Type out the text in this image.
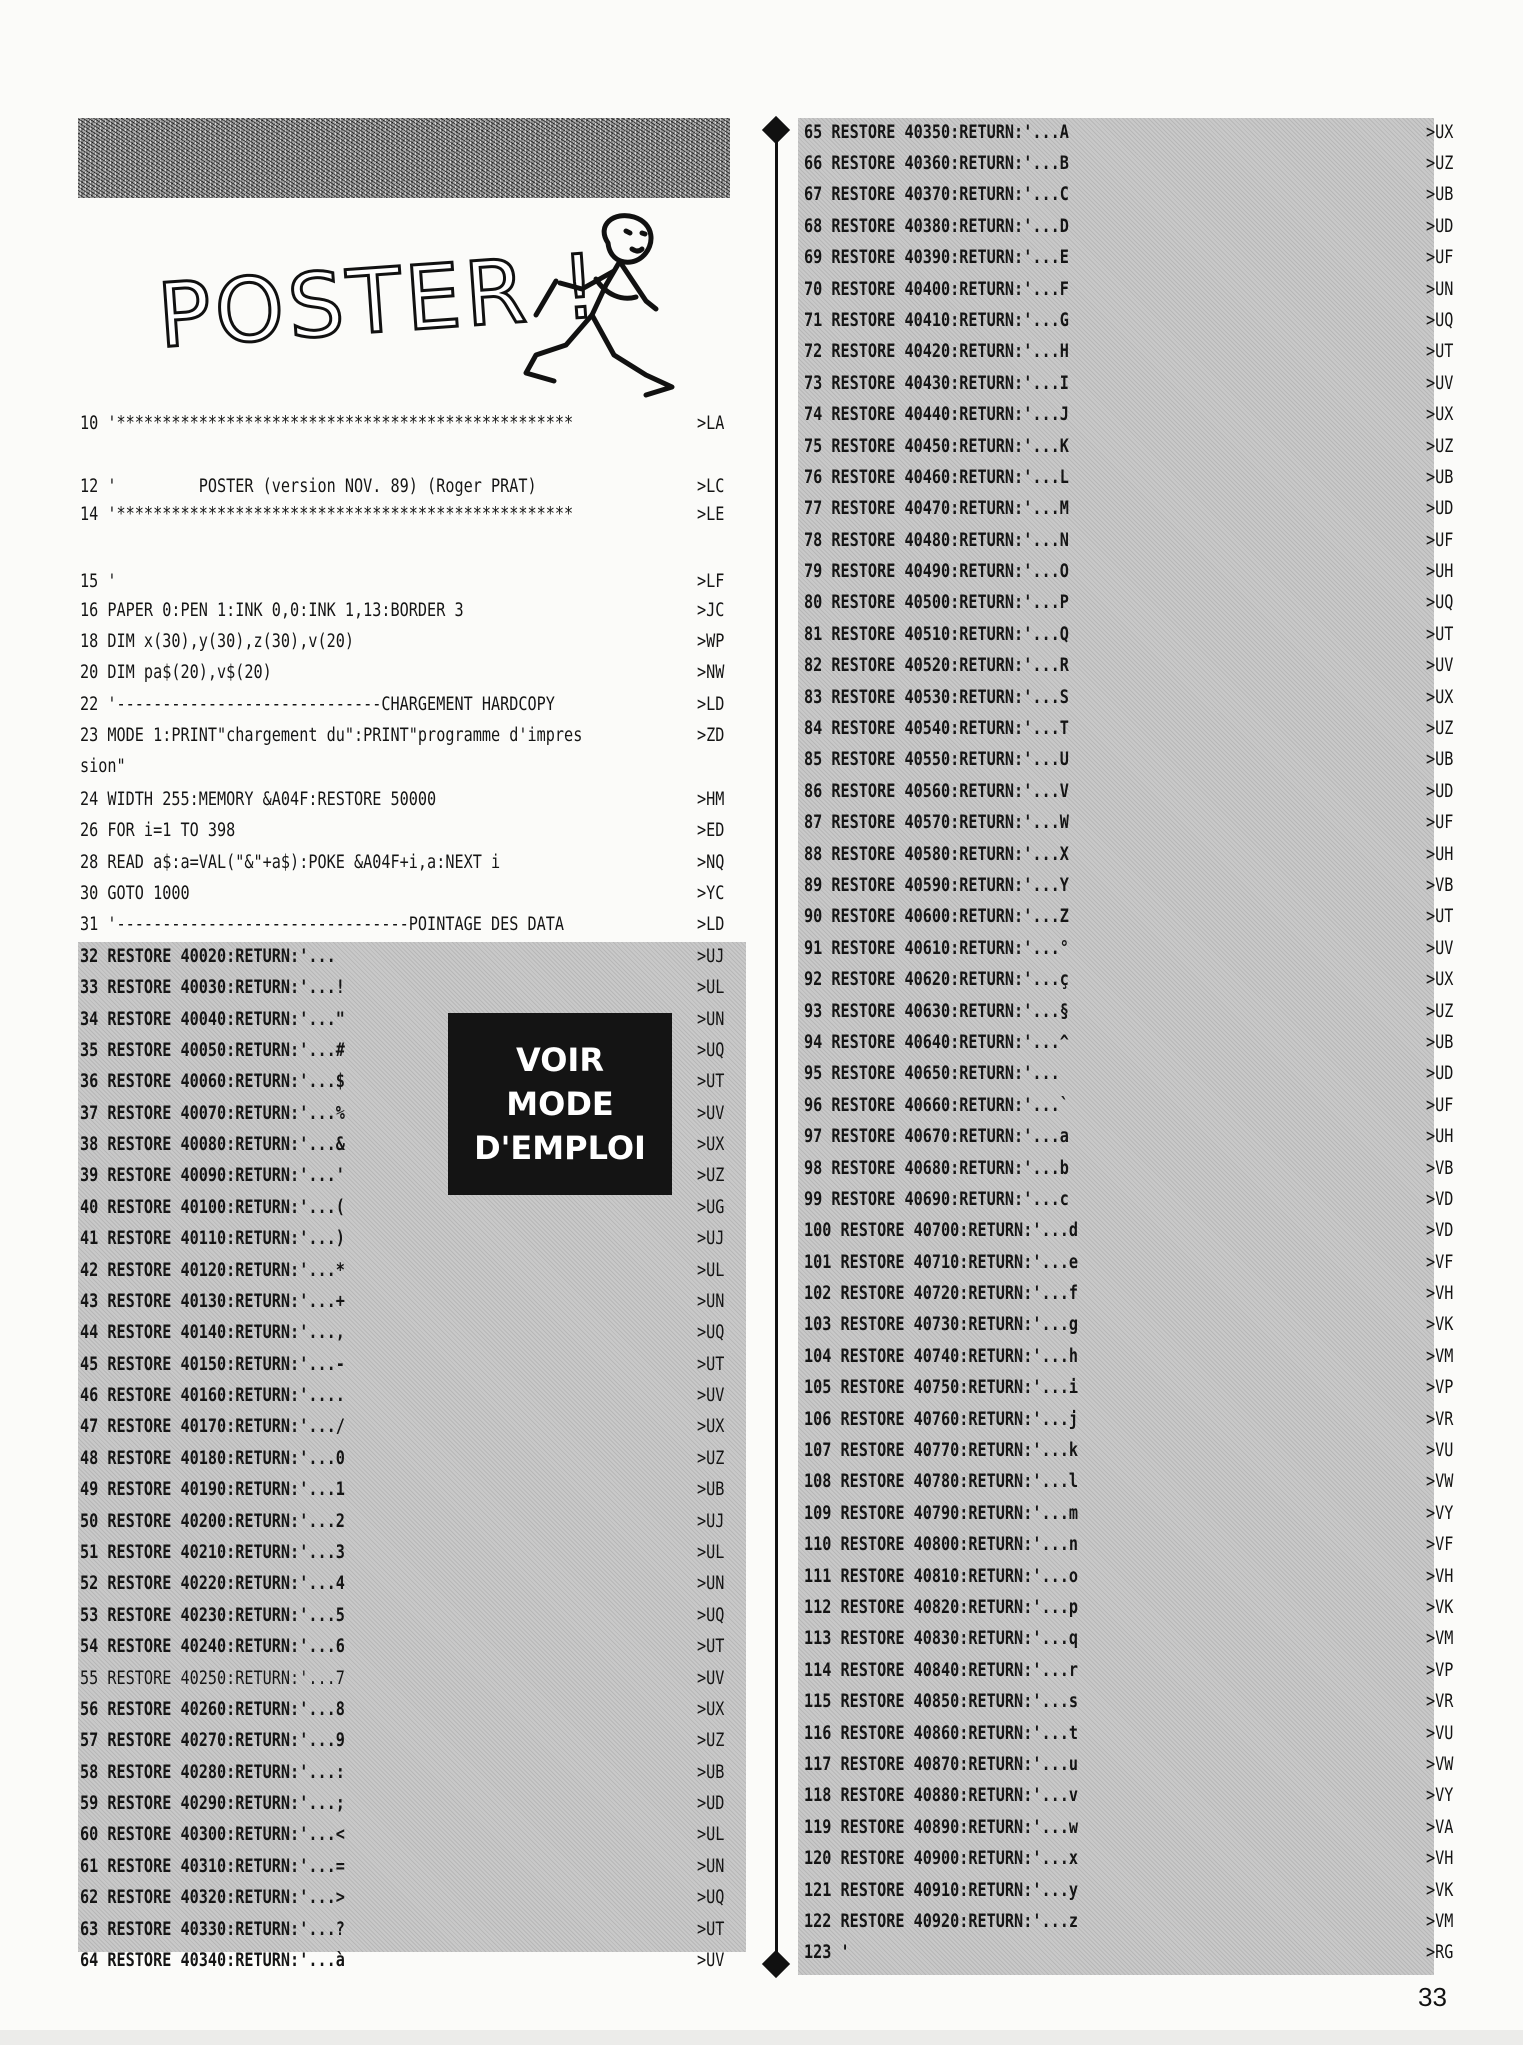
POSTER !
VOIR
MODE
D'EMPLOI
10 '**************************************************	>LA
12 '         POSTER (version NOV. 89) (Roger PRAT)	>LC
14 '**************************************************	>LE
15 '	>LF
16 PAPER 0:PEN 1:INK 0,0:INK 1,13:BORDER 3	>JC
18 DIM x(30),y(30),z(30),v(20)	>WP
20 DIM pa$(20),v$(20)	>NW
22 '-----------------------------CHARGEMENT HARDCOPY	>LD
23 MODE 1:PRINT"chargement du":PRINT"programme d'impres	>ZD
sion"
24 WIDTH 255:MEMORY &A04F:RESTORE 50000	>HM
26 FOR i=1 TO 398	>ED
28 READ a$:a=VAL("&"+a$):POKE &A04F+i,a:NEXT i	>NQ
30 GOTO 1000	>YC
31 '--------------------------------POINTAGE DES DATA	>LD
32 RESTORE 40020:RETURN:'...	>UJ
33 RESTORE 40030:RETURN:'...!	>UL
34 RESTORE 40040:RETURN:'..."	>UN
35 RESTORE 40050:RETURN:'...#	>UQ
36 RESTORE 40060:RETURN:'...$	>UT
37 RESTORE 40070:RETURN:'...%	>UV
38 RESTORE 40080:RETURN:'...&	>UX
39 RESTORE 40090:RETURN:'...'	>UZ
40 RESTORE 40100:RETURN:'...(	>UG
41 RESTORE 40110:RETURN:'...)	>UJ
42 RESTORE 40120:RETURN:'...*	>UL
43 RESTORE 40130:RETURN:'...+	>UN
44 RESTORE 40140:RETURN:'...,	>UQ
45 RESTORE 40150:RETURN:'...-	>UT
46 RESTORE 40160:RETURN:'....	>UV
47 RESTORE 40170:RETURN:'.../	>UX
48 RESTORE 40180:RETURN:'...0	>UZ
49 RESTORE 40190:RETURN:'...1	>UB
50 RESTORE 40200:RETURN:'...2	>UJ
51 RESTORE 40210:RETURN:'...3	>UL
52 RESTORE 40220:RETURN:'...4	>UN
53 RESTORE 40230:RETURN:'...5	>UQ
54 RESTORE 40240:RETURN:'...6	>UT
55 RESTORE 40250:RETURN:'...7	>UV
56 RESTORE 40260:RETURN:'...8	>UX
57 RESTORE 40270:RETURN:'...9	>UZ
58 RESTORE 40280:RETURN:'...:	>UB
59 RESTORE 40290:RETURN:'...;	>UD
60 RESTORE 40300:RETURN:'...<	>UL
61 RESTORE 40310:RETURN:'...=	>UN
62 RESTORE 40320:RETURN:'...>	>UQ
63 RESTORE 40330:RETURN:'...?	>UT
64 RESTORE 40340:RETURN:'...à	>UV
65 RESTORE 40350:RETURN:'...A	>UX
66 RESTORE 40360:RETURN:'...B	>UZ
67 RESTORE 40370:RETURN:'...C	>UB
68 RESTORE 40380:RETURN:'...D	>UD
69 RESTORE 40390:RETURN:'...E	>UF
70 RESTORE 40400:RETURN:'...F	>UN
71 RESTORE 40410:RETURN:'...G	>UQ
72 RESTORE 40420:RETURN:'...H	>UT
73 RESTORE 40430:RETURN:'...I	>UV
74 RESTORE 40440:RETURN:'...J	>UX
75 RESTORE 40450:RETURN:'...K	>UZ
76 RESTORE 40460:RETURN:'...L	>UB
77 RESTORE 40470:RETURN:'...M	>UD
78 RESTORE 40480:RETURN:'...N	>UF
79 RESTORE 40490:RETURN:'...O	>UH
80 RESTORE 40500:RETURN:'...P	>UQ
81 RESTORE 40510:RETURN:'...Q	>UT
82 RESTORE 40520:RETURN:'...R	>UV
83 RESTORE 40530:RETURN:'...S	>UX
84 RESTORE 40540:RETURN:'...T	>UZ
85 RESTORE 40550:RETURN:'...U	>UB
86 RESTORE 40560:RETURN:'...V	>UD
87 RESTORE 40570:RETURN:'...W	>UF
88 RESTORE 40580:RETURN:'...X	>UH
89 RESTORE 40590:RETURN:'...Y	>VB
90 RESTORE 40600:RETURN:'...Z	>UT
91 RESTORE 40610:RETURN:'...°	>UV
92 RESTORE 40620:RETURN:'...ç	>UX
93 RESTORE 40630:RETURN:'...§	>UZ
94 RESTORE 40640:RETURN:'...^	>UB
95 RESTORE 40650:RETURN:'...	>UD
96 RESTORE 40660:RETURN:'...`	>UF
97 RESTORE 40670:RETURN:'...a	>UH
98 RESTORE 40680:RETURN:'...b	>VB
99 RESTORE 40690:RETURN:'...c	>VD
100 RESTORE 40700:RETURN:'...d	>VD
101 RESTORE 40710:RETURN:'...e	>VF
102 RESTORE 40720:RETURN:'...f	>VH
103 RESTORE 40730:RETURN:'...g	>VK
104 RESTORE 40740:RETURN:'...h	>VM
105 RESTORE 40750:RETURN:'...i	>VP
106 RESTORE 40760:RETURN:'...j	>VR
107 RESTORE 40770:RETURN:'...k	>VU
108 RESTORE 40780:RETURN:'...l	>VW
109 RESTORE 40790:RETURN:'...m	>VY
110 RESTORE 40800:RETURN:'...n	>VF
111 RESTORE 40810:RETURN:'...o	>VH
112 RESTORE 40820:RETURN:'...p	>VK
113 RESTORE 40830:RETURN:'...q	>VM
114 RESTORE 40840:RETURN:'...r	>VP
115 RESTORE 40850:RETURN:'...s	>VR
116 RESTORE 40860:RETURN:'...t	>VU
117 RESTORE 40870:RETURN:'...u	>VW
118 RESTORE 40880:RETURN:'...v	>VY
119 RESTORE 40890:RETURN:'...w	>VA
120 RESTORE 40900:RETURN:'...x	>VH
121 RESTORE 40910:RETURN:'...y	>VK
122 RESTORE 40920:RETURN:'...z	>VM
123 '	>RG
33
